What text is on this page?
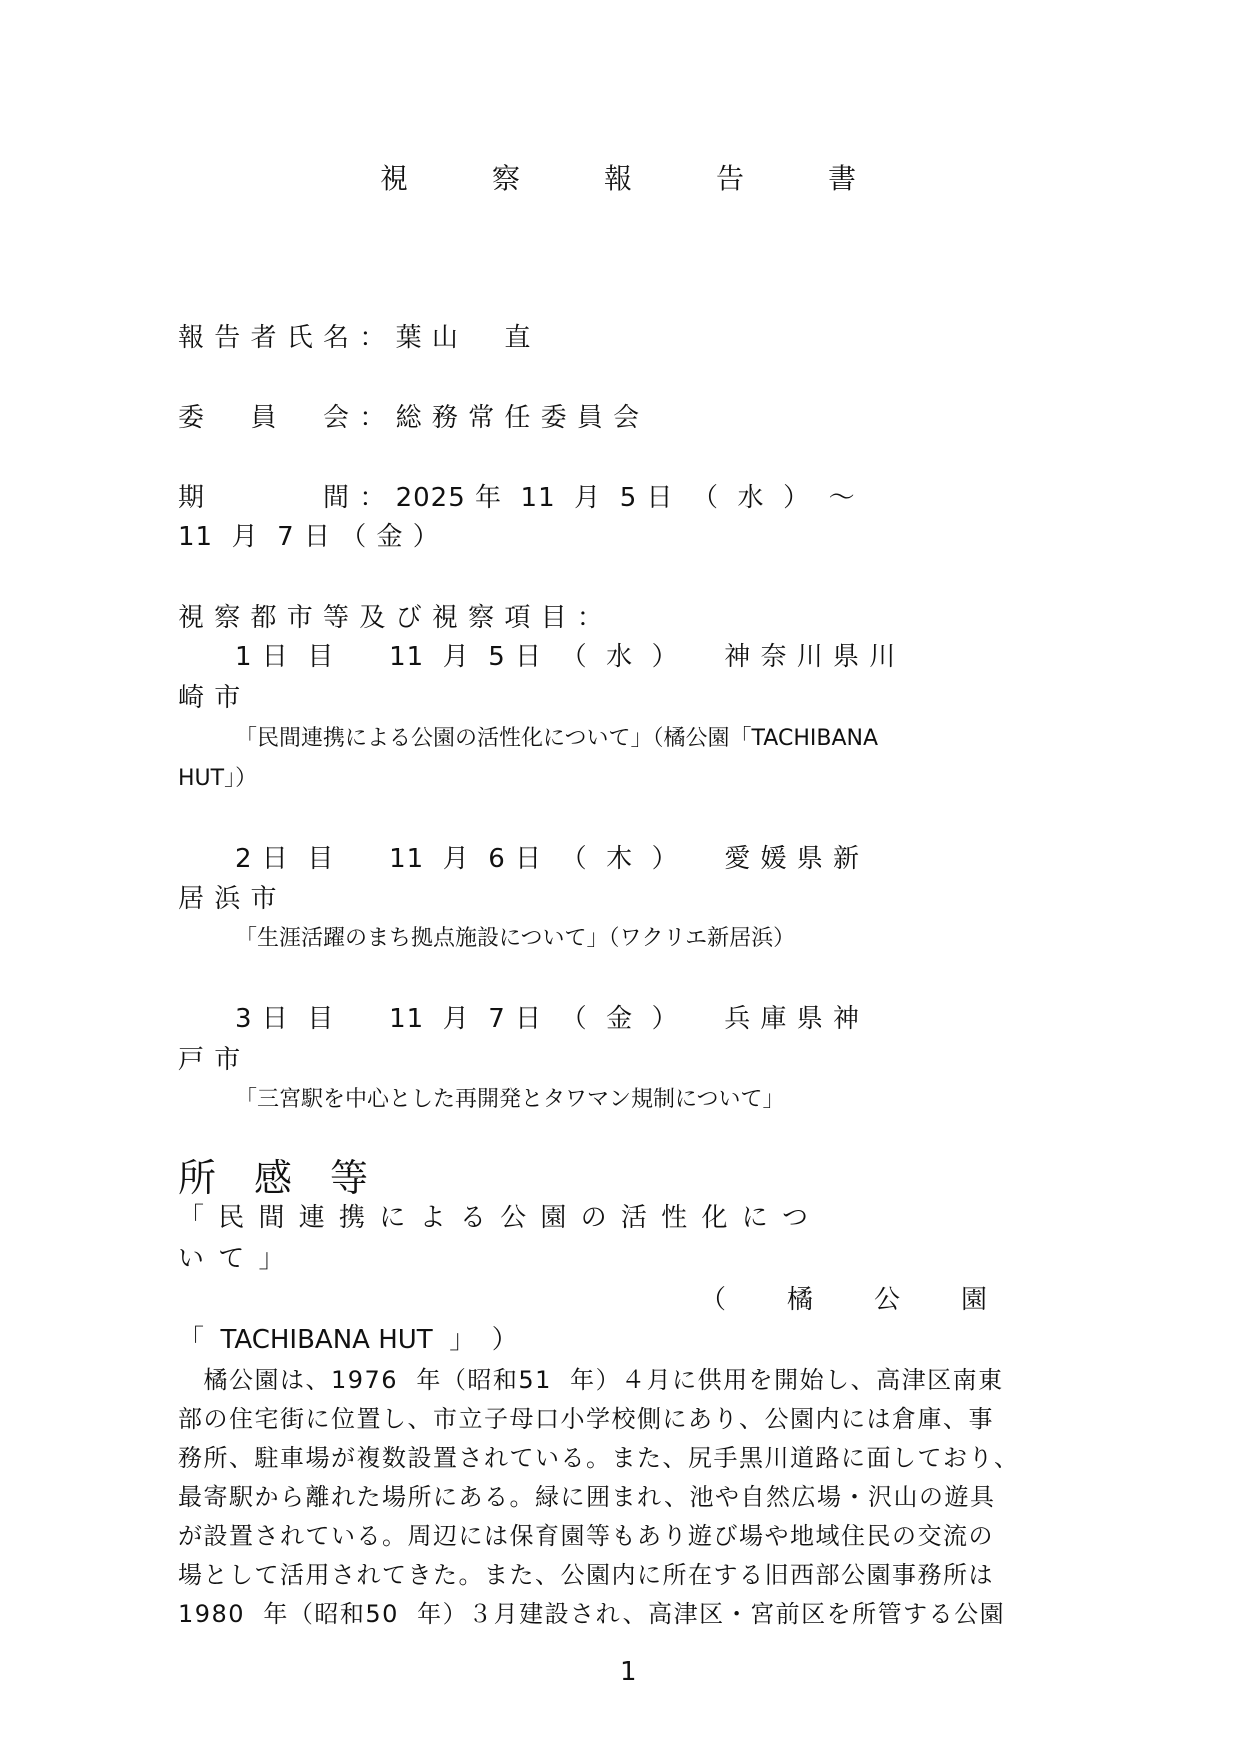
視　　　察　　　報　　　告　　　書
報 告 者 氏 名 ： 葉 山 　 直
委 　 員 　 会 ： 総 務 常 任 委 員 会
期 　 　 　 間 ： 2025 年  11  月  5 日  （  水  ）  〜
11  月  7 日 （ 金 ）
視 察 都 市 等 及 び 視 察 項 目 ：
1 日  目 　  11  月  5 日  （  水  ） 　 神 奈 川 県 川
崎 市
「民間連携による公園の活性化について」（橘公園「TACHIBANA
HUT」）
2 日  目 　  11  月  6 日  （  木  ） 　 愛 媛 県 新
居 浜 市
「生涯活躍のまち拠点施設について」（ワクリエ新居浜）
3 日  目 　  11  月  7 日  （  金  ） 　 兵 庫 県 神
戸 市
「三宮駅を中心とした再開発とタワマン規制について」
所　感　等
「 民 間 連 携 に よ る 公 園 の 活 性 化 に つ
い て 」
（　　橘　　公　　園
「  TACHIBANA HUT  」  ）
　橘公園は、1976  年（昭和51  年）４月に供用を開始し、高津区南東
部の住宅街に位置し、市立子母口小学校側にあり、公園内には倉庫、事
務所、駐車場が複数設置されている。また、尻手黒川道路に面しており、
最寄駅から離れた場所にある。緑に囲まれ、池や自然広場・沢山の遊具
が設置されている。周辺には保育園等もあり遊び場や地域住民の交流の
場として活用されてきた。また、公園内に所在する旧西部公園事務所は
1980  年（昭和50  年）３月建設され、高津区・宮前区を所管する公園
1
